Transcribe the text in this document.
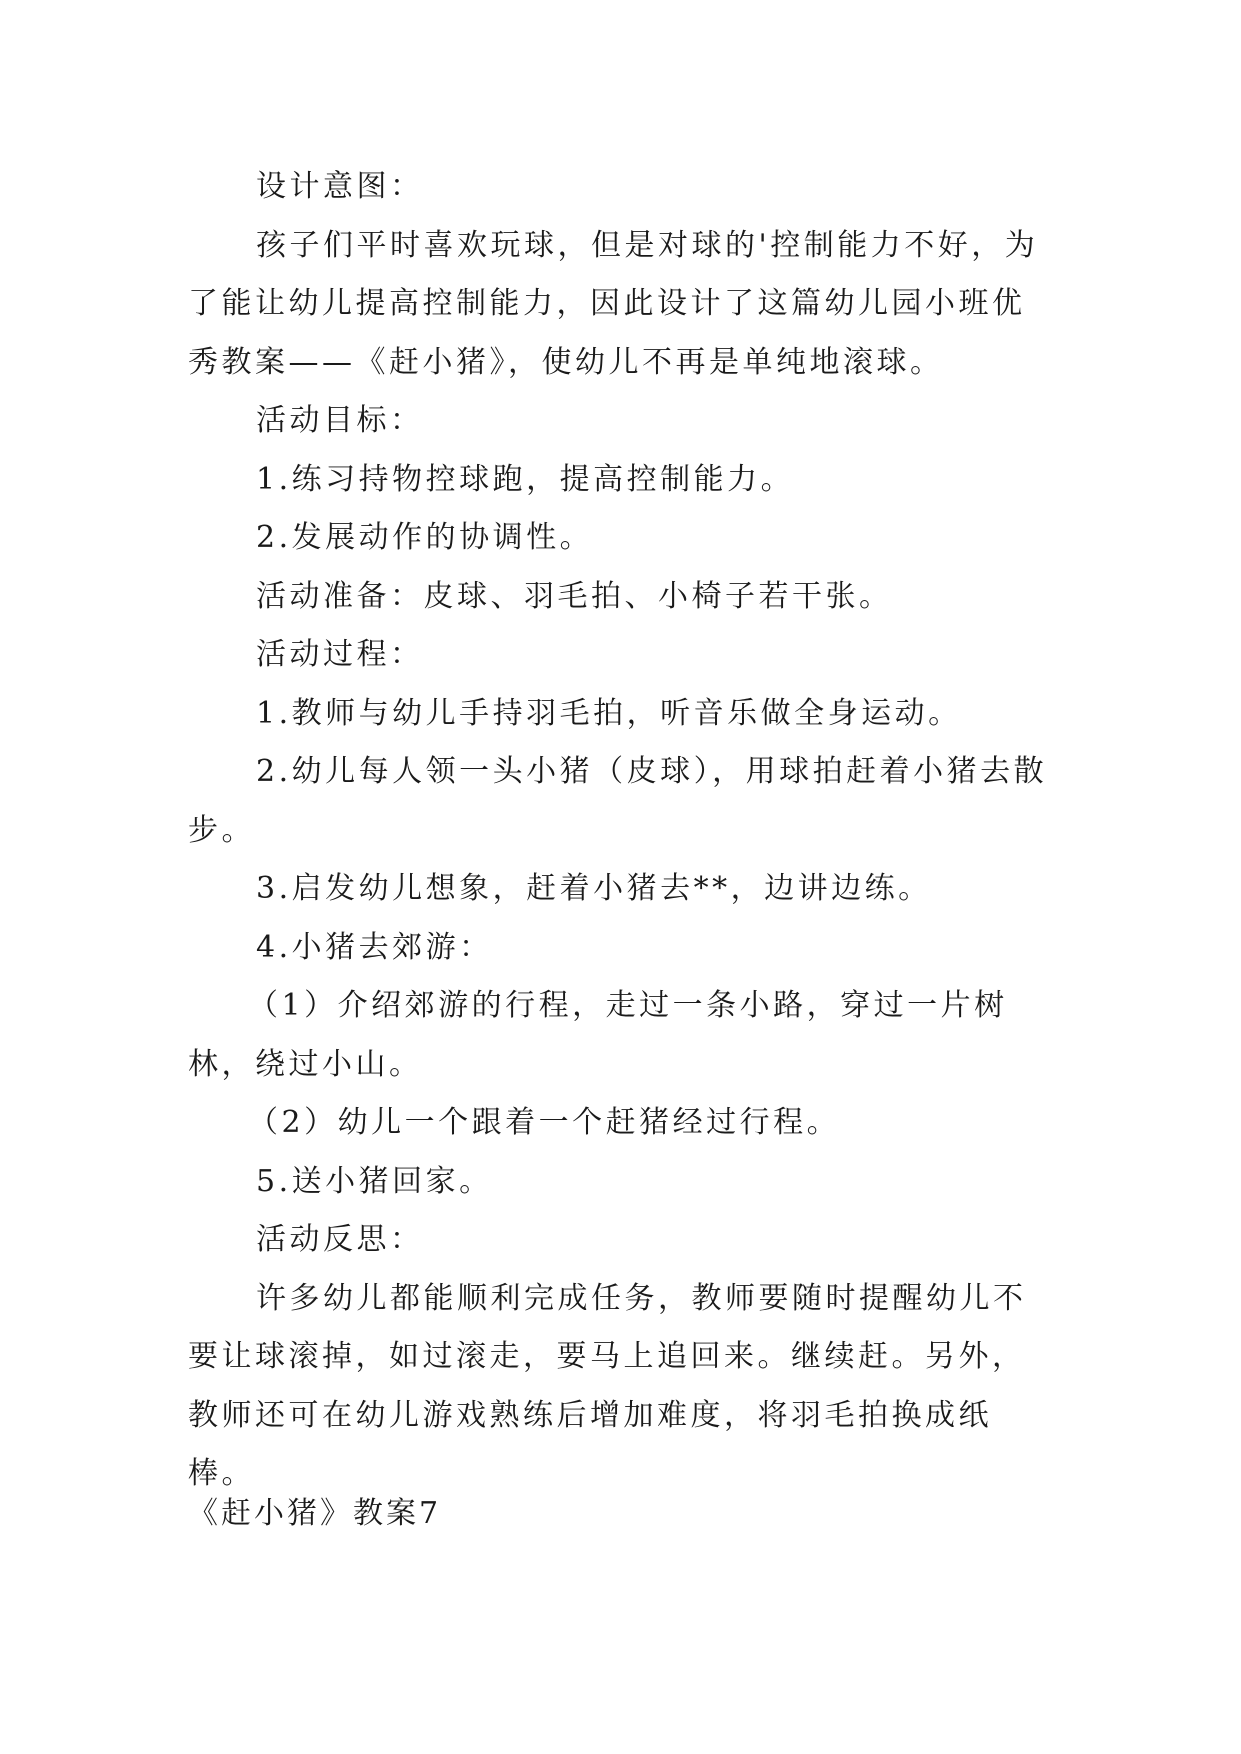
设计意图：

孩子们平时喜欢玩球，但是对球的'控制能力不好，为了能让幼儿提高控制能力，因此设计了这篇幼儿园小班优秀教案——《赶小猪》，使幼儿不再是单纯地滚球。

活动目标：

1.练习持物控球跑，提高控制能力。

2.发展动作的协调性。

活动准备：皮球、羽毛拍、小椅子若干张。

活动过程：

1.教师与幼儿手持羽毛拍，听音乐做全身运动。

2.幼儿每人领一头小猪（皮球），用球拍赶着小猪去散步。

3.启发幼儿想象，赶着小猪去**，边讲边练。

4.小猪去郊游：

（1）介绍郊游的行程，走过一条小路，穿过一片树林，绕过小山。

（2）幼儿一个跟着一个赶猪经过行程。

5.送小猪回家。

活动反思：

许多幼儿都能顺利完成任务，教师要随时提醒幼儿不要让球滚掉，如过滚走，要马上追回来。继续赶。另外，教师还可在幼儿游戏熟练后增加难度，将羽毛拍换成纸棒。

《赶小猪》教案7
